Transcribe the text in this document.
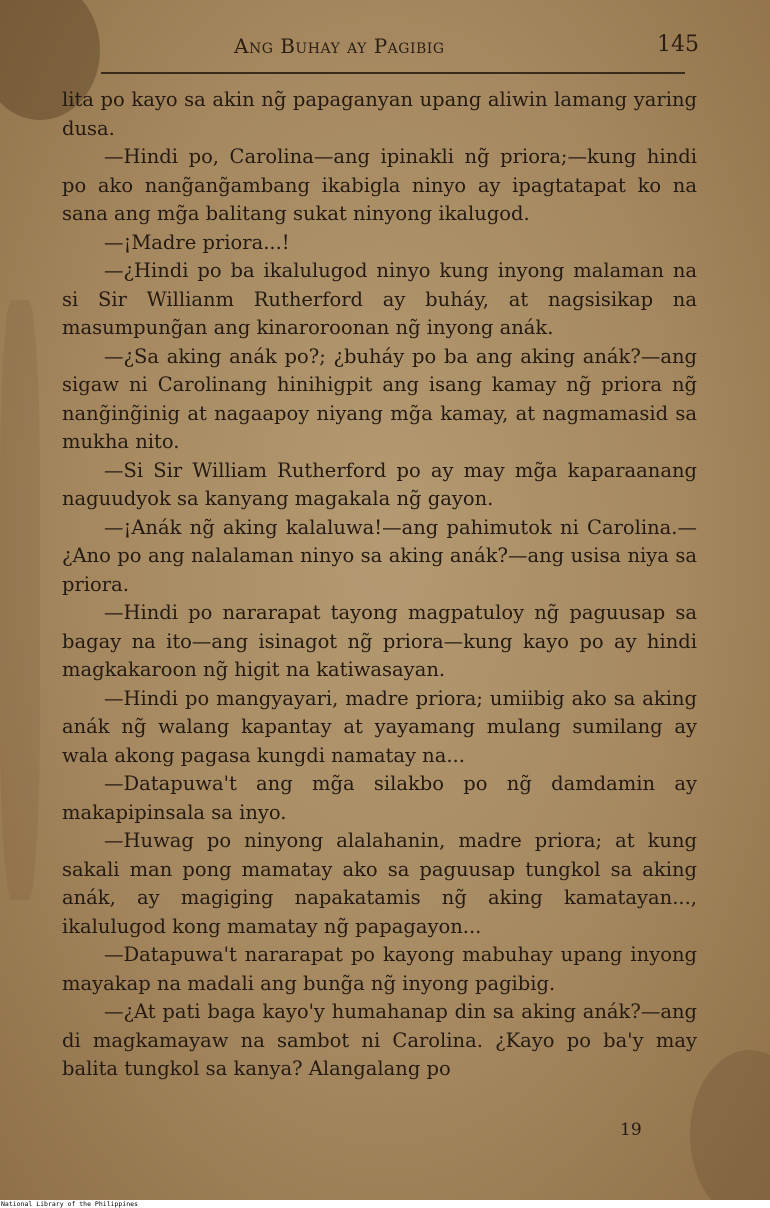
Ang Buhay ay Pagibig	145

lita po kayo sa akin ng̃ papaganyan upang aliwin lamang yaring dusa.

—Hindi po, Carolina—ang ipinakli ng̃ priora;—kung hindi po ako nang̃ang̃ambang ikabigla ninyo ay ipagtatapat ko na sana ang mg̃a balitang sukat ninyong ikalugod.

—¡Madre priora...!

—¿Hindi po ba ikalulugod ninyo kung inyong malaman na si Sir Willianm Rutherford ay buháy, at nagsisikap na masumpung̃an ang kinaroroonan ng̃ inyong anák.

—¿Sa aking anák po?; ¿buháy po ba ang aking anák?—ang sigaw ni Carolinang hinihigpit ang isang kamay ng̃ priora ng̃ nang̃ing̃inig at nagaapoy niyang mg̃a kamay, at nagmamasid sa mukha nito.

—Si Sir William Rutherford po ay may mg̃a kaparaanang naguudyok sa kanyang magakala ng̃ gayon.

—¡Anák ng̃ aking kalaluwa!—ang pahimutok ni Carolina.—¿Ano po ang nalalaman ninyo sa aking anák?—ang usisa niya sa priora.

—Hindi po nararapat tayong magpatuloy ng̃ paguusap sa bagay na ito—ang isinagot ng̃ priora—kung kayo po ay hindi magkakaroon ng̃ higit na katiwasayan.

—Hindi po mangyayari, madre priora; umiibig ako sa aking anák ng̃ walang kapantay at yayamang mulang sumilang ay wala akong pagasa kungdi namatay na...

—Datapuwa't ang mg̃a silakbo po ng̃ damdamin ay makapipinsala sa inyo.

—Huwag po ninyong alalahanin, madre priora; at kung sakali man pong mamatay ako sa paguusap tungkol sa aking anák, ay magiging napakatamis ng̃ aking kamatayan..., ikalulugod kong mamatay ng̃ papagayon...

—Datapuwa't nararapat po kayong mabuhay upang inyong mayakap na madali ang bung̃a ng̃ inyong pagibig.

—¿At pati baga kayo'y humahanap din sa aking anák?—ang di magkamayaw na sambot ni Carolina. ¿Kayo po ba'y may balita tungkol sa kanya? Alangalang po

19
National Library of the Philippines
